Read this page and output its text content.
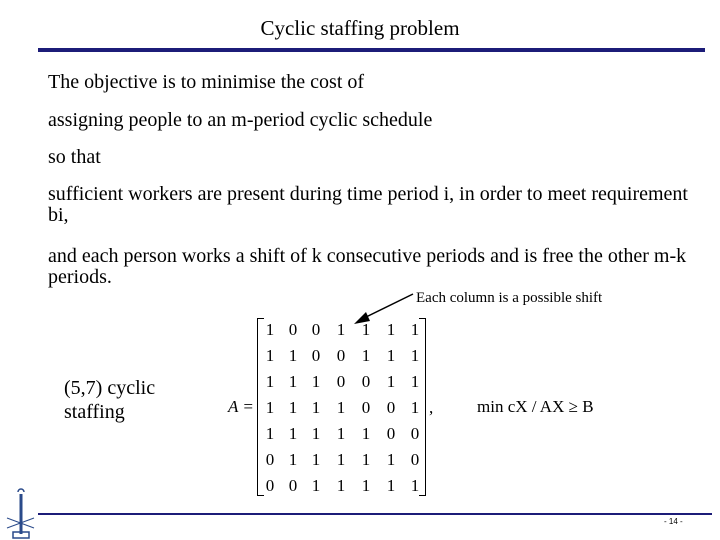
Cyclic staffing problem
The objective is to minimise the cost of
assigning people to an m-period cyclic schedule
so that
sufficient workers are present during time period i, in order to meet requirement bi,
and each person works a shift of k consecutive periods and is free the other m-k periods.
Each column is a possible shift
(5,7) cyclic staffing	A =
1 0 0 1 1 1 1
1 1 0 0 1 1 1
1 1 1 0 0 1 1
1 1 1 1 0 0 1
1 1 1 1 1 0 0
0 1 1 1 1 1 0
0 0 1 1 1 1 1
,	min cX / AX ≥ B
- 14 -
